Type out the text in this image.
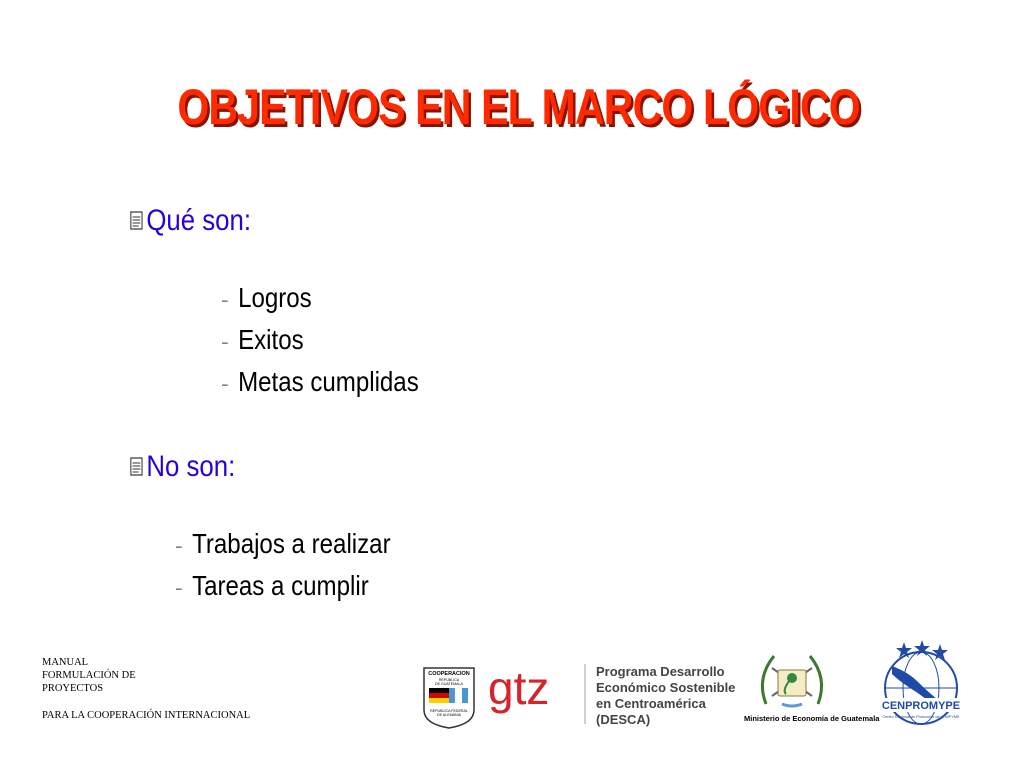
OBJETIVOS EN EL MARCO LÓGICO
Qué son:
– Logros
– Exitos
– Metas cumplidas
No son:
– Trabajos a realizar
– Tareas a cumplir
MANUAL
FORMULACIÓN DE
PROYECTOS
PARA LA COOPERACIÓN INTERNACIONAL
COOPERACION
REPUBLICA
DE GUATEMALA
REPUBLICA FEDERAL
DE ALEMANIA
gtz	Programa Desarrollo
Económico Sostenible
en Centroamérica
(DESCA)	Ministerio de Economía de Guatemala
CENPROMYPE
Centro Regional de Promoción de la MIPYME
